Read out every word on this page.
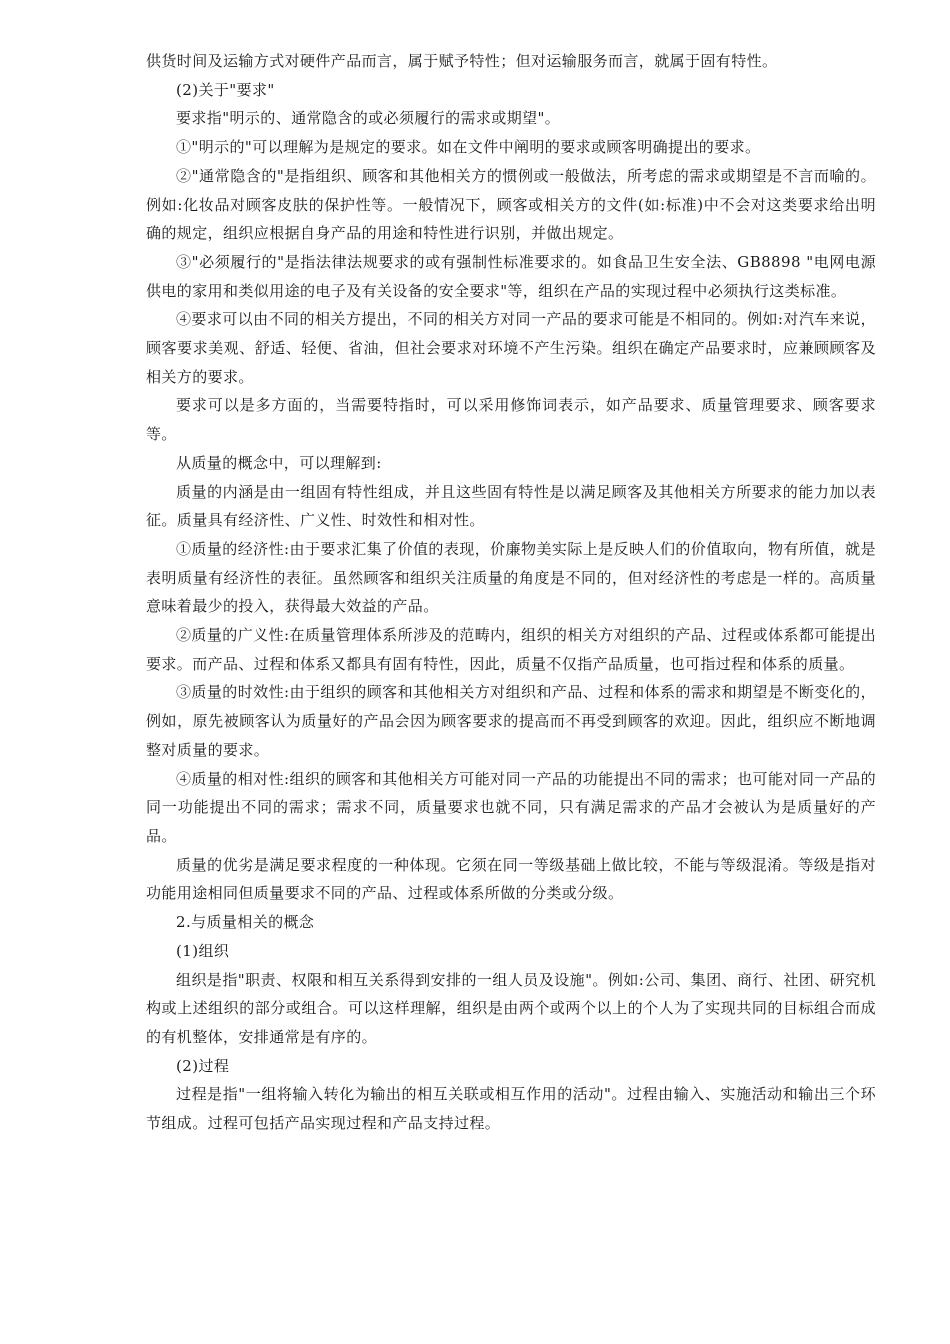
供货时间及运输方式对硬件产品而言，属于赋予特性；但对运输服务而言，就属于固有特性。

(2)关于"要求"

要求指"明示的、通常隐含的或必须履行的需求或期望"。

①"明示的"可以理解为是规定的要求。如在文件中阐明的要求或顾客明确提出的要求。

②"通常隐含的"是指组织、顾客和其他相关方的惯例或一般做法，所考虑的需求或期望是不言而喻的。例如:化妆品对顾客皮肤的保护性等。一般情况下，顾客或相关方的文件(如:标准)中不会对这类要求给出明确的规定，组织应根据自身产品的用途和特性进行识别，并做出规定。

③"必须履行的"是指法律法规要求的或有强制性标准要求的。如食品卫生安全法、GB8898 "电网电源供电的家用和类似用途的电子及有关设备的安全要求"等，组织在产品的实现过程中必须执行这类标准。

④要求可以由不同的相关方提出，不同的相关方对同一产品的要求可能是不相同的。例如:对汽车来说，顾客要求美观、舒适、轻便、省油，但社会要求对环境不产生污染。组织在确定产品要求时，应兼顾顾客及相关方的要求。

要求可以是多方面的，当需要特指时，可以采用修饰词表示，如产品要求、质量管理要求、顾客要求等。

从质量的概念中，可以理解到:

质量的内涵是由一组固有特性组成，并且这些固有特性是以满足顾客及其他相关方所要求的能力加以表征。质量具有经济性、广义性、时效性和相对性。

①质量的经济性:由于要求汇集了价值的表现，价廉物美实际上是反映人们的价值取向，物有所值，就是表明质量有经济性的表征。虽然顾客和组织关注质量的角度是不同的，但对经济性的考虑是一样的。高质量意味着最少的投入，获得最大效益的产品。

②质量的广义性:在质量管理体系所涉及的范畴内，组织的相关方对组织的产品、过程或体系都可能提出要求。而产品、过程和体系又都具有固有特性，因此，质量不仅指产品质量，也可指过程和体系的质量。

③质量的时效性:由于组织的顾客和其他相关方对组织和产品、过程和体系的需求和期望是不断变化的，例如，原先被顾客认为质量好的产品会因为顾客要求的提高而不再受到顾客的欢迎。因此，组织应不断地调整对质量的要求。

④质量的相对性:组织的顾客和其他相关方可能对同一产品的功能提出不同的需求；也可能对同一产品的同一功能提出不同的需求；需求不同，质量要求也就不同，只有满足需求的产品才会被认为是质量好的产品。

质量的优劣是满足要求程度的一种体现。它须在同一等级基础上做比较，不能与等级混淆。等级是指对功能用途相同但质量要求不同的产品、过程或体系所做的分类或分级。

2.与质量相关的概念

(1)组织

组织是指"职责、权限和相互关系得到安排的一组人员及设施"。例如:公司、集团、商行、社团、研究机构或上述组织的部分或组合。可以这样理解，组织是由两个或两个以上的个人为了实现共同的目标组合而成的有机整体，安排通常是有序的。

(2)过程

过程是指"一组将输入转化为输出的相互关联或相互作用的活动"。过程由输入、实施活动和输出三个环节组成。过程可包括产品实现过程和产品支持过程。
